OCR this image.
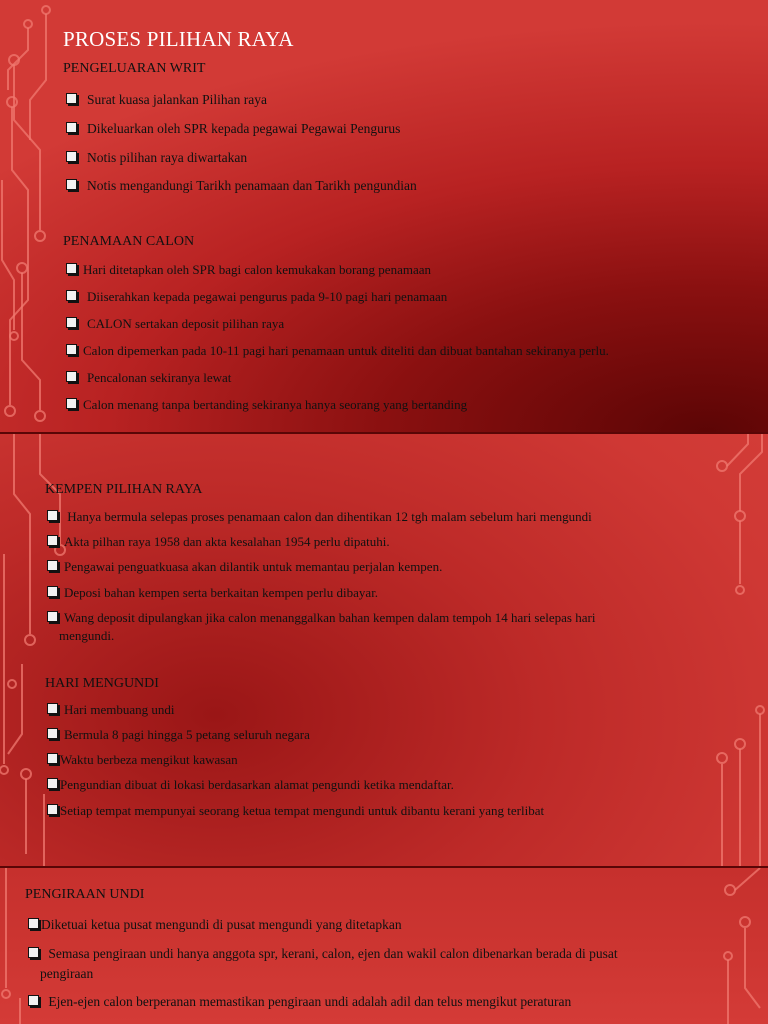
PROSES PILIHAN RAYA
PENGELUARAN WRIT
Surat kuasa jalankan Pilihan raya
Dikeluarkan oleh SPR kepada pegawai Pegawai Pengurus
Notis pilihan raya diwartakan
Notis mengandungi Tarikh penamaan dan Tarikh pengundian
PENAMAAN CALON
Hari ditetapkan oleh SPR bagi calon kemukakan borang penamaan
Diiserahkan kepada pegawai pengurus pada 9-10 pagi hari penamaan
CALON sertakan deposit pilihan raya
Calon dipemerkan pada 10-11 pagi hari penamaan untuk diteliti dan dibuat bantahan sekiranya perlu.
Pencalonan sekiranya lewat
Calon menang tanpa bertanding sekiranya hanya seorang yang bertanding
KEMPEN PILIHAN RAYA
Hanya bermula selepas proses penamaan calon dan dihentikan 12 tgh malam sebelum hari mengundi
Akta pilhan raya 1958 dan akta kesalahan 1954 perlu dipatuhi.
Pengawai penguatkuasa akan dilantik untuk memantau perjalan kempen.
Deposi bahan kempen serta berkaitan kempen perlu dibayar.
Wang deposit dipulangkan jika calon menanggalkan bahan kempen dalam tempoh 14 hari selepas hari
mengundi.
HARI MENGUNDI
Hari membuang undi
Bermula 8 pagi hingga 5 petang seluruh negara
Waktu berbeza mengikut kawasan
Pengundian dibuat di lokasi berdasarkan alamat pengundi ketika mendaftar.
Setiap tempat mempunyai seorang ketua tempat mengundi untuk dibantu kerani yang terlibat
PENGIRAAN UNDI
Diketuai ketua pusat mengundi di pusat mengundi yang ditetapkan
Semasa pengiraan undi hanya anggota spr, kerani, calon, ejen dan wakil calon dibenarkan berada di pusat
pengiraan
Ejen-ejen calon berperanan memastikan pengiraan undi adalah adil dan telus mengikut peraturan
